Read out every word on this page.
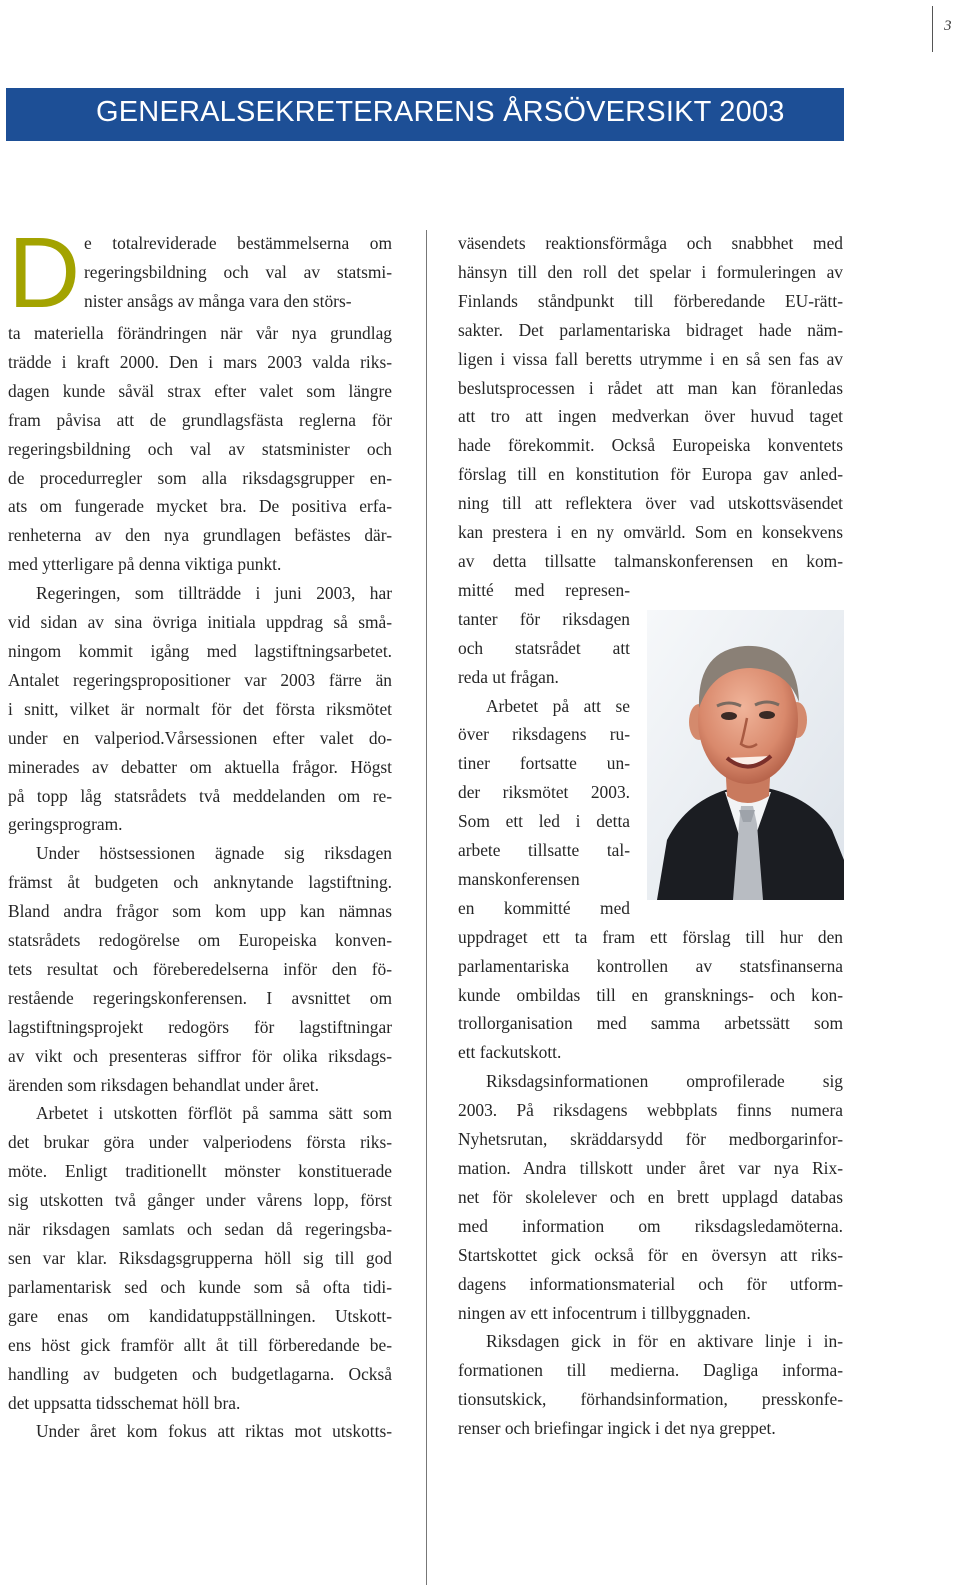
3
GENERALSEKRETERARENS ÅRSÖVERSIKT 2003
D e totalreviderade bestämmelserna om
regeringsbildning och val av statsmi-
nister ansågs av många vara den störs-
ta materiella förändringen när vår nya grundlag
trädde i kraft 2000. Den i mars 2003 valda riks-
dagen kunde såväl strax efter valet som längre
fram påvisa att de grundlagsfästa reglerna för
regeringsbildning och val av statsminister och
de procedurregler som alla riksdagsgrupper en-
ats om fungerade mycket bra. De positiva erfa-
renheterna av den nya grundlagen befästes där-
med ytterligare på denna viktiga punkt.
Regeringen, som tillträdde i juni 2003, har
vid sidan av sina övriga initiala uppdrag så små-
ningom kommit igång med lagstiftningsarbetet.
Antalet regeringspropositioner var 2003 färre än
i snitt, vilket är normalt för det första riksmötet
under en valperiod.Vårsessionen efter valet do-
minerades av debatter om aktuella frågor. Högst
på topp låg statsrådets två meddelanden om re-
geringsprogram.
Under höstsessionen ägnade sig riksdagen
främst åt budgeten och anknytande lagstiftning.
Bland andra frågor som kom upp kan nämnas
statsrådets redogörelse om Europeiska konven-
tets resultat och föreberedelserna inför den fö-
restående regeringskonferensen. I avsnittet om
lagstiftningsprojekt redogörs för lagstiftningar
av vikt och presenteras siffror för olika riksdags-
ärenden som riksdagen behandlat under året.
Arbetet i utskotten förflöt på samma sätt som
det brukar göra under valperiodens första riks-
möte. Enligt traditionellt mönster konstituerade
sig utskotten två gånger under vårens lopp, först
när riksdagen samlats och sedan då regeringsba-
sen var klar. Riksdagsgrupperna höll sig till god
parlamentarisk sed och kunde som så ofta tidi-
gare enas om kandidatuppställningen. Utskott-
ens höst gick framför allt åt till förberedande be-
handling av budgeten och budgetlagarna. Också
det uppsatta tidsschemat höll bra.
Under året kom fokus att riktas mot utskotts-
väsendets reaktionsförmåga och snabbhet med
hänsyn till den roll det spelar i formuleringen av
Finlands ståndpunkt till förberedande EU-rätt-
sakter. Det parlamentariska bidraget hade näm-
ligen i vissa fall beretts utrymme i en så sen fas av
beslutsprocessen i rådet att man kan föranledas
att tro att ingen medverkan över huvud taget
hade förekommit. Också Europeiska konventets
förslag till en konstitution för Europa gav anled-
ning till att reflektera över vad utskottsväsendet
kan prestera i en ny omvärld. Som en konsekvens
av detta tillsatte talmanskonferensen en kom-
mitté med represen-
tanter för riksdagen
och statsrådet att
reda ut frågan.
Arbetet på att se
över riksdagens ru-
tiner fortsatte un-
der riksmötet 2003.
Som ett led i detta
arbete tillsatte tal-
manskonferensen
en kommitté med
uppdraget ett ta fram ett förslag till hur den
parlamentariska kontrollen av statsfinanserna
kunde ombildas till en gransknings- och kon-
trollorganisation med samma arbetssätt som
ett fackutskott.
Riksdagsinformationen omprofilerade sig
2003. På riksdagens webbplats finns numera
Nyhetsrutan, skräddarsydd för medborgarinfor-
mation. Andra tillskott under året var nya Rix-
net för skolelever och en brett upplagd databas
med information om riksdagsledamöterna.
Startskottet gick också för en översyn att riks-
dagens informationsmaterial och för utform-
ningen av ett infocentrum i tillbyggnaden.
Riksdagen gick in för en aktivare linje i in-
formationen till medierna. Dagliga informa-
tionsutskick, förhandsinformation, presskonfe-
renser och briefingar ingick i det nya greppet.
